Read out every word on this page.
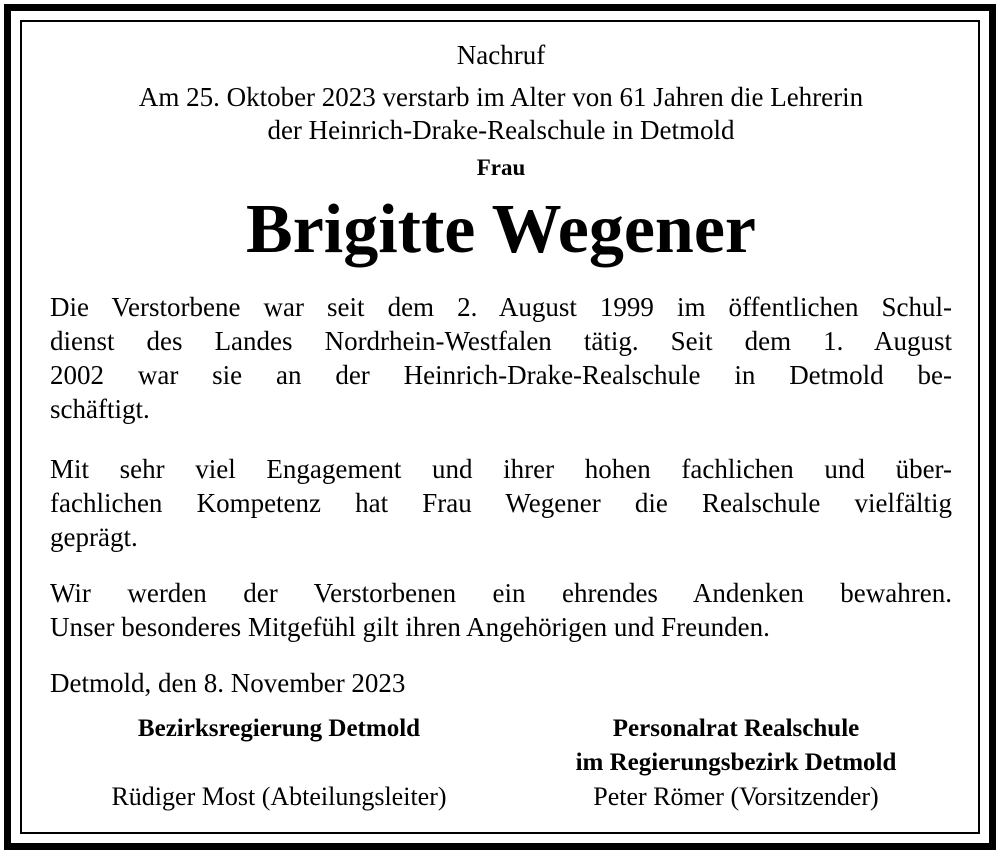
Nachruf
Am 25. Oktober 2023 verstarb im Alter von 61 Jahren die Lehrerin
der Heinrich-Drake-Realschule in Detmold
Frau
Brigitte Wegener
Die Verstorbene war seit dem 2. August 1999 im öffentlichen Schul-
dienst des Landes Nordrhein-Westfalen tätig. Seit dem 1. August
2002 war sie an der Heinrich-Drake-Realschule in Detmold be-
schäftigt.
Mit sehr viel Engagement und ihrer hohen fachlichen und über-
fachlichen Kompetenz hat Frau Wegener die Realschule vielfältig
geprägt.
Wir werden der Verstorbenen ein ehrendes Andenken bewahren.
Unser besonderes Mitgefühl gilt ihren Angehörigen und Freunden.
Detmold, den 8. November 2023
Bezirksregierung Detmold
Rüdiger Most (Abteilungsleiter)
Personalrat Realschule
im Regierungsbezirk Detmold
Peter Römer (Vorsitzender)
